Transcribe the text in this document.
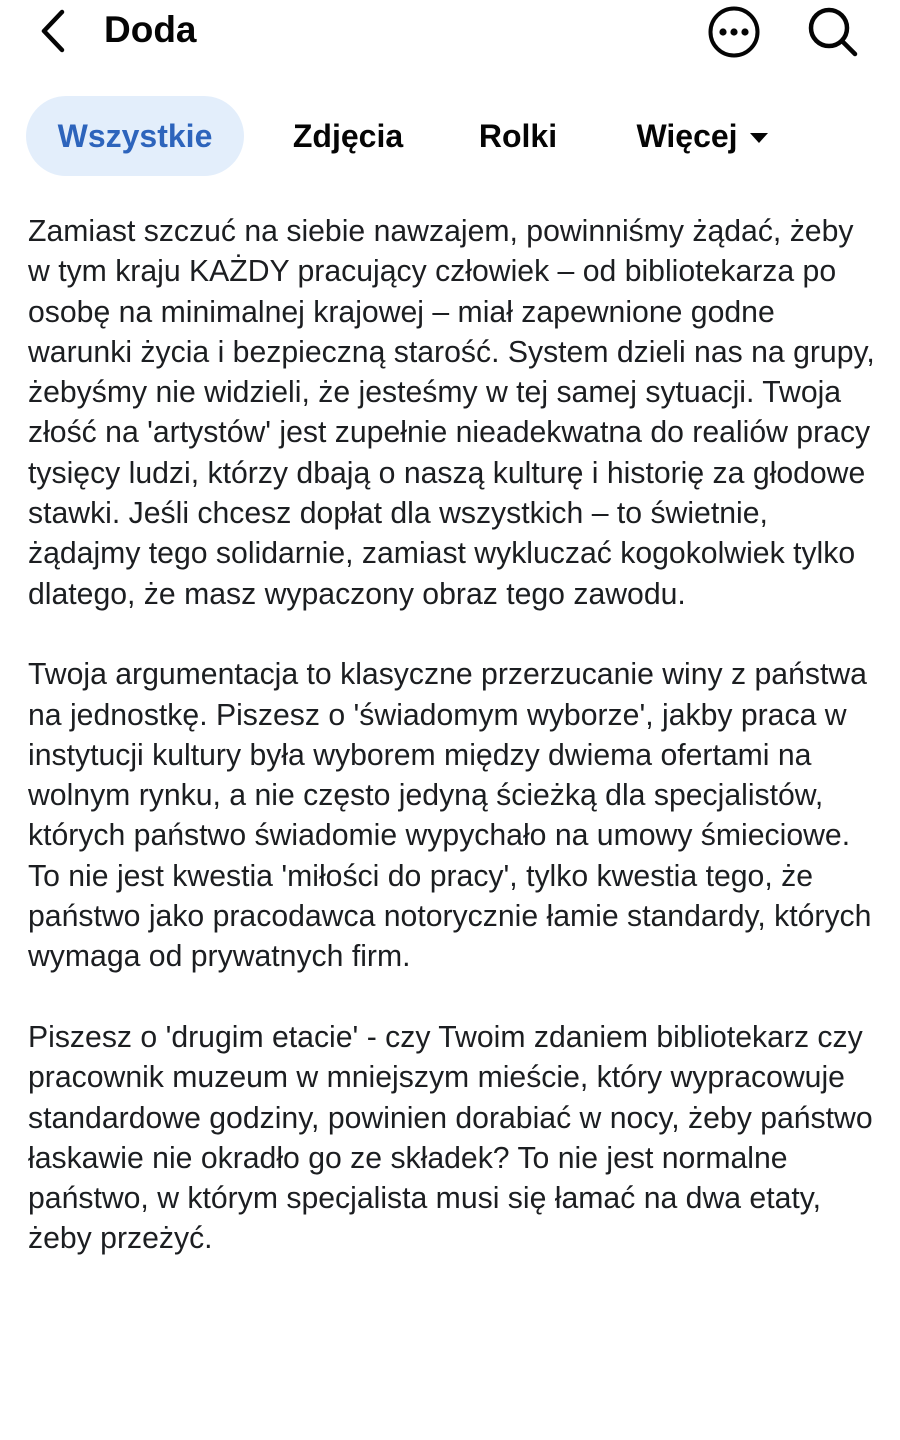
Doda
Wszystkie	Zdjęcia Rolki Więcej

Zamiast szczuć na siebie nawzajem, powinniśmy żądać, żeby w tym kraju KAŻDY pracujący człowiek – od bibliotekarza po osobę na minimalnej krajowej – miał zapewnione godne warunki życia i bezpieczną starość. System dzieli nas na grupy, żebyśmy nie widzieli, że jesteśmy w tej samej sytuacji. Twoja złość na 'artystów' jest zupełnie nieadekwatna do realiów pracy tysięcy ludzi, którzy dbają o naszą kulturę i historię za głodowe stawki. Jeśli chcesz dopłat dla wszystkich – to świetnie, żądajmy tego solidarnie, zamiast wykluczać kogokolwiek tylko dlatego, że masz wypaczony obraz tego zawodu.

Twoja argumentacja to klasyczne przerzucanie winy z państwa na jednostkę. Piszesz o 'świadomym wyborze', jakby praca w instytucji kultury była wyborem między dwiema ofertami na wolnym rynku, a nie często jedyną ścieżką dla specjalistów, których państwo świadomie wypychało na umowy śmieciowe. To nie jest kwestia 'miłości do pracy', tylko kwestia tego, że państwo jako pracodawca notorycznie łamie standardy, których wymaga od prywatnych firm.

Piszesz o 'drugim etacie' - czy Twoim zdaniem bibliotekarz czy pracownik muzeum w mniejszym mieście, który wypracowuje standardowe godziny, powinien dorabiać w nocy, żeby państwo łaskawie nie okradło go ze składek? To nie jest normalne państwo, w którym specjalista musi się łamać na dwa etaty, żeby przeżyć.
